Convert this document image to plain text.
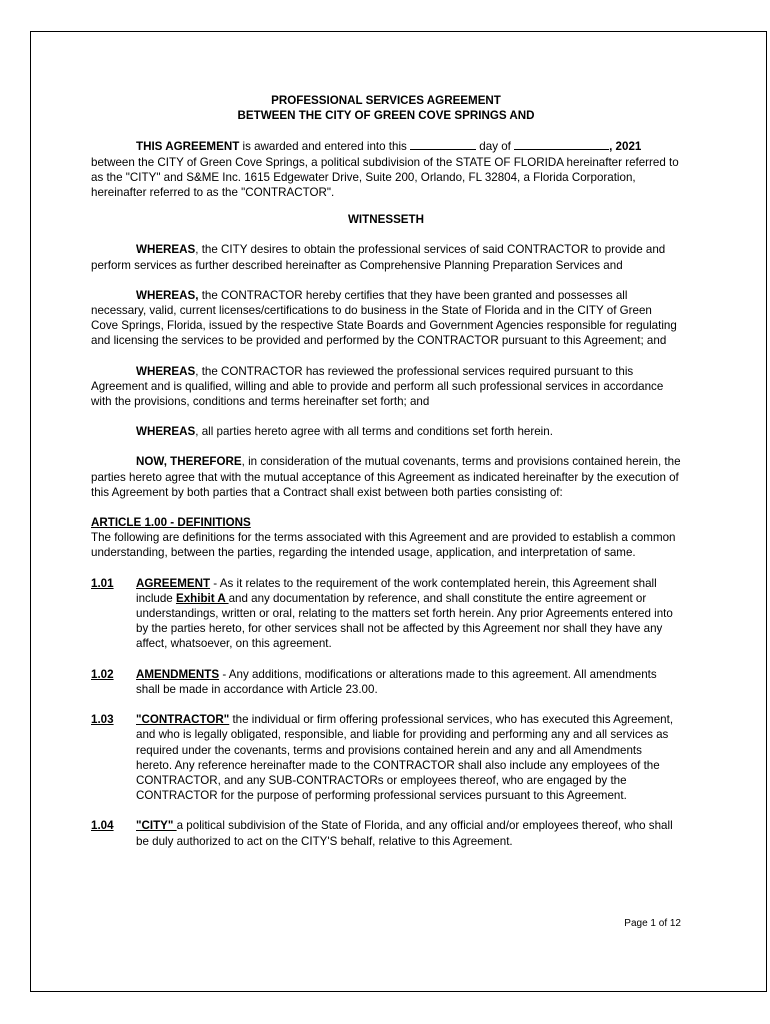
PROFESSIONAL SERVICES AGREEMENT

BETWEEN THE CITY OF GREEN COVE SPRINGS AND

THIS AGREEMENT is awarded and entered into this	day of	, 2021 between the CITY of Green Cove Springs, a political subdivision of the STATE OF FLORIDA hereinafter referred to as the "CITY" and S&ME Inc. 1615 Edgewater Drive, Suite 200, Orlando, FL 32804, a Florida Corporation, hereinafter referred to as the "CONTRACTOR".

WITNESSETH

WHEREAS, the CITY desires to obtain the professional services of said CONTRACTOR to provide and perform services as further described hereinafter as Comprehensive Planning Preparation Services and

WHEREAS, the CONTRACTOR hereby certifies that they have been granted and possesses all necessary, valid, current licenses/certifications to do business in the State of Florida and in the CITY of Green Cove Springs, Florida, issued by the respective State Boards and Government Agencies responsible for regulating and licensing the services to be provided and performed by the CONTRACTOR pursuant to this Agreement; and

WHEREAS, the CONTRACTOR has reviewed the professional services required pursuant to this Agreement and is qualified, willing and able to provide and perform all such professional services in accordance with the provisions, conditions and terms hereinafter set forth; and

WHEREAS, all parties hereto agree with all terms and conditions set forth herein.

NOW, THEREFORE, in consideration of the mutual covenants, terms and provisions contained herein, the parties hereto agree that with the mutual acceptance of this Agreement as indicated hereinafter by the execution of this Agreement by both parties that a Contract shall exist between both parties consisting of:

ARTICLE 1.00 - DEFINITIONS

The following are definitions for the terms associated with this Agreement and are provided to establish a common understanding, between the parties, regarding the intended usage, application, and interpretation of same.

1.01	AGREEMENT - As it relates to the requirement of the work contemplated herein, this Agreement shall include Exhibit A and any documentation by reference, and shall constitute the entire agreement or understandings, written or oral, relating to the matters set forth herein. Any prior Agreements entered into by the parties hereto, for other services shall not be affected by this Agreement nor shall they have any affect, whatsoever, on this agreement.
1.02	AMENDMENTS - Any additions, modifications or alterations made to this agreement. All amendments shall be made in accordance with Article 23.00.
1.03	"CONTRACTOR" the individual or firm offering professional services, who has executed this Agreement, and who is legally obligated, responsible, and liable for providing and performing any and all services as required under the covenants, terms and provisions contained herein and any and all Amendments hereto. Any reference hereinafter made to the CONTRACTOR shall also include any employees of the CONTRACTOR, and any SUB-CONTRACTORs or employees thereof, who are engaged by the CONTRACTOR for the purpose of performing professional services pursuant to this Agreement.
1.04	"CITY" a political subdivision of the State of Florida, and any official and/or employees thereof, who shall be duly authorized to act on the CITY'S behalf, relative to this Agreement.
Page 1 of 12
